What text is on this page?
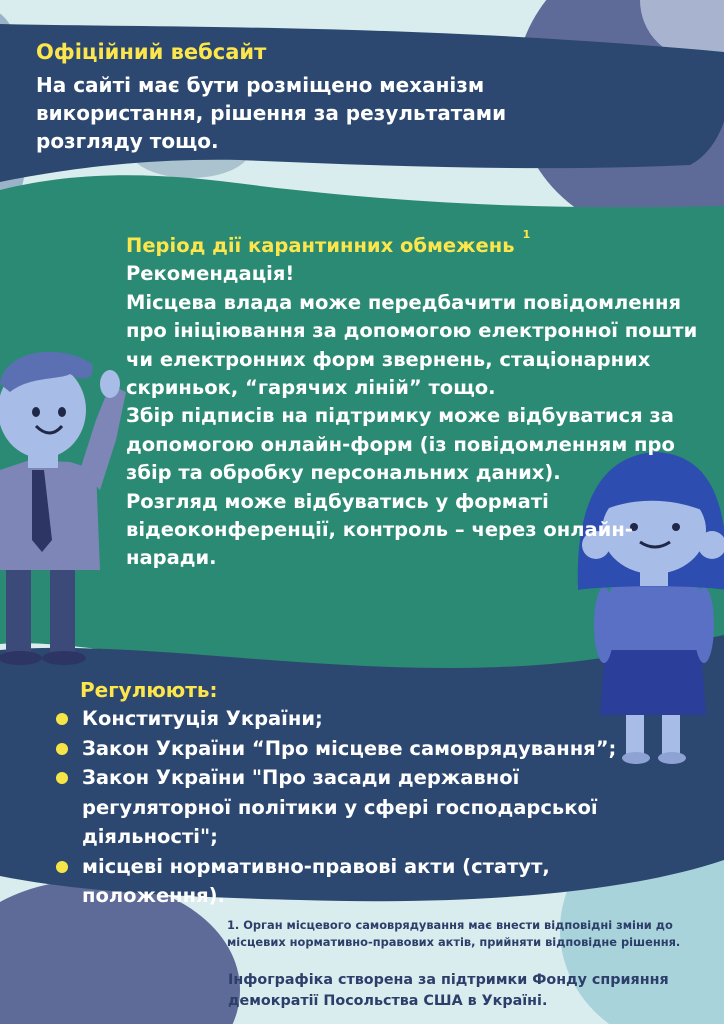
Офіційний вебсайт
На сайті має бути розміщено механізм використання, рішення за результатами розгляду тощо.

Період дії карантинних обмежень $^1$

Рекомендація!

Місцева влада може передбачити повідомлення про ініціювання за допомогою електронної пошти чи електронних форм звернень, стаціонарних скриньок, “гарячих ліній” тощо.

Збір підписів на підтримку може відбуватися за допомогою онлайн-форм (із повідомленням про збір та обробку персональних даних).

Розгляд може відбуватись у форматі відеоконференції, контроль – через онлайн-наради.

Регулюють:
Конституція України;
Закон України “Про місцеве самоврядування”;
Закон України "Про засади державної регуляторної політики у сфері господарської діяльності";
місцеві нормативно-правові акти (статут, положення).
1. Орган місцевого самоврядування має внести відповідні зміни до місцевих нормативно-правових актів, прийняти відповідне рішення.
Інфографіка створена за підтримки Фонду сприяння демократії Посольства США в Україні.
